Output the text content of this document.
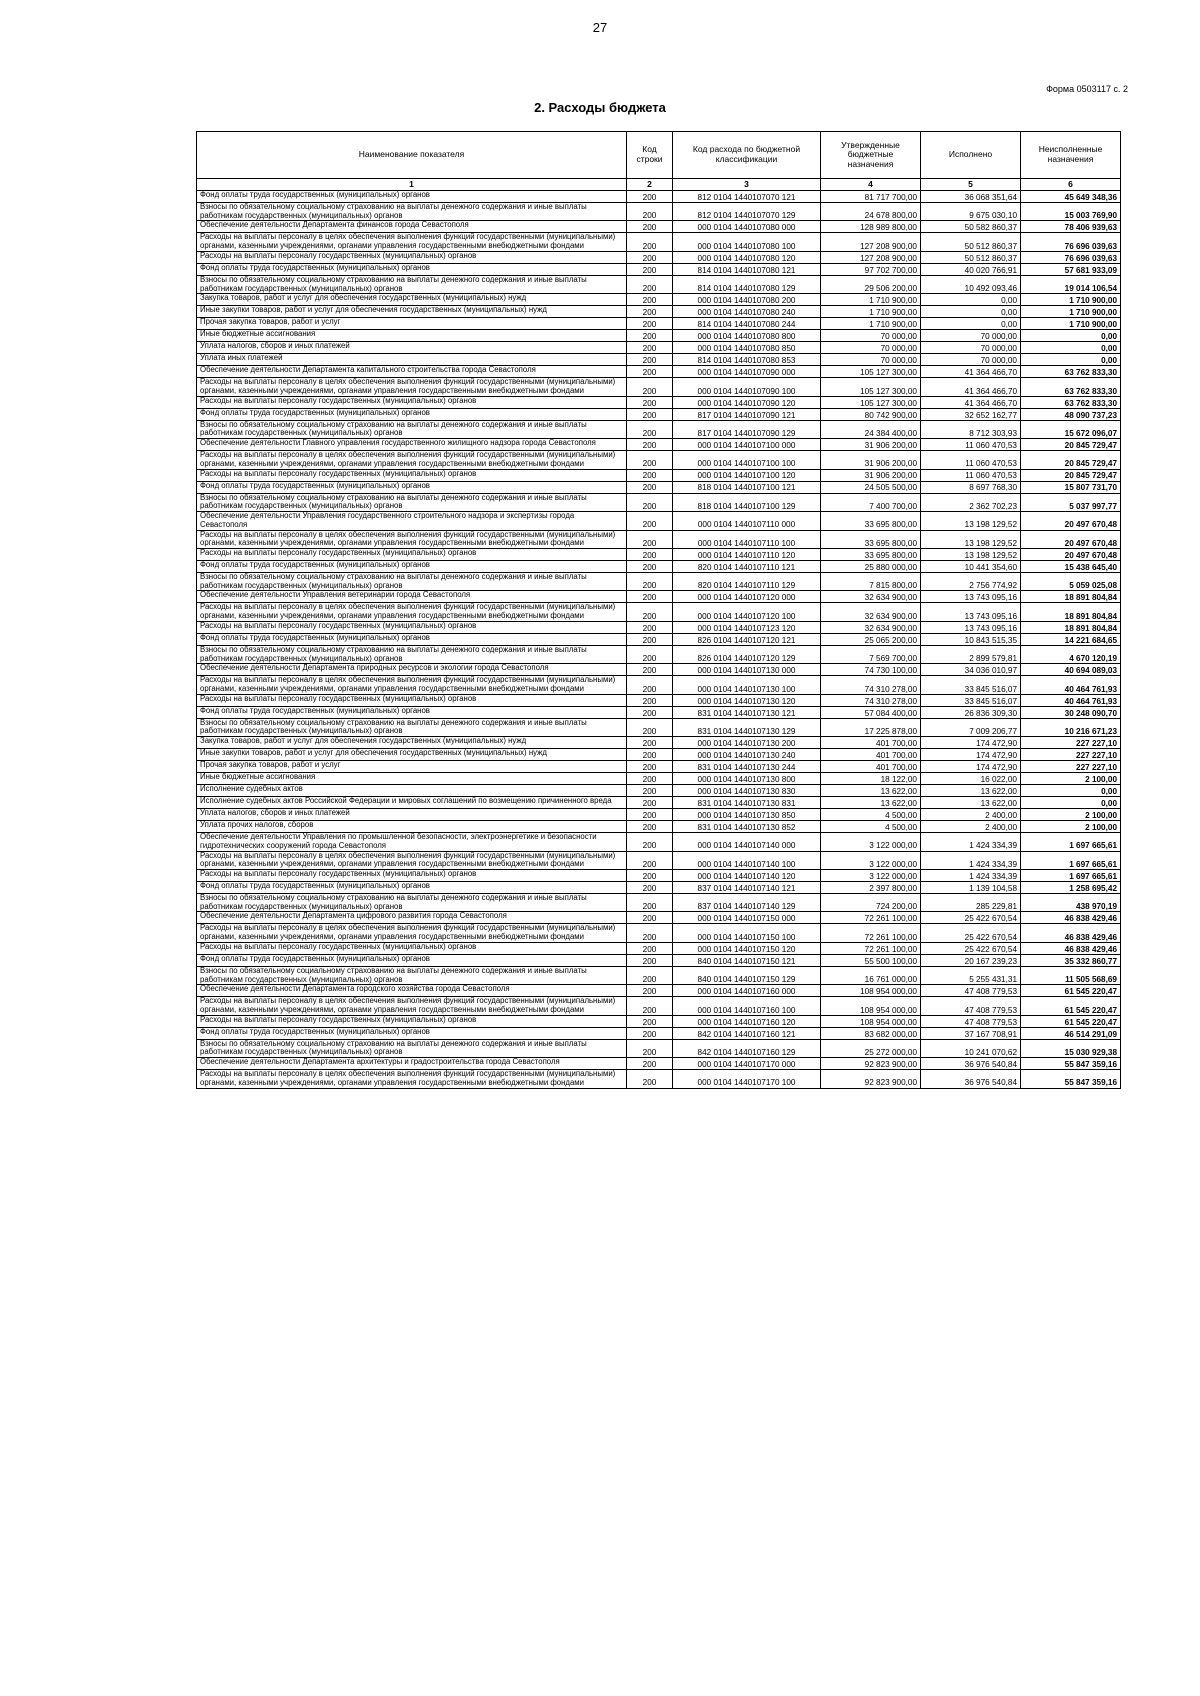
27
Форма 0503117 с. 2
2. Расходы бюджета
Наименование показателя	Код строки	Код расхода по бюджетной классификации	Утвержденные бюджетные назначения	Исполнено	Неисполненные назначения
1	2	3	4	5	6
Фонд оплаты труда государственных (муниципальных) органов	200	812 0104 1440107070 121	81 717 700,00	36 068 351,64	45 649 348,36
Взносы по обязательному социальному страхованию на выплаты денежного содержания и иные выплаты работникам государственных (муниципальных) органов	200	812 0104 1440107070 129	24 678 800,00	9 675 030,10	15 003 769,90
Обеспечение деятельности Департамента финансов города Севастополя	200	000 0104 1440107080 000	128 989 800,00	50 582 860,37	78 406 939,63
Расходы на выплаты персоналу в целях обеспечения выполнения функций государственными (муниципальными) органами, казенными учреждениями, органами управления государственными внебюджетными фондами	200	000 0104 1440107080 100	127 208 900,00	50 512 860,37	76 696 039,63
Расходы на выплаты персоналу государственных (муниципальных) органов	200	000 0104 1440107080 120	127 208 900,00	50 512 860,37	76 696 039,63
Фонд оплаты труда государственных (муниципальных) органов	200	814 0104 1440107080 121	97 702 700,00	40 020 766,91	57 681 933,09
Взносы по обязательному социальному страхованию на выплаты денежного содержания и иные выплаты работникам государственных (муниципальных) органов	200	814 0104 1440107080 129	29 506 200,00	10 492 093,46	19 014 106,54
Закупка товаров, работ и услуг для обеспечения государственных (муниципальных) нужд	200	000 0104 1440107080 200	1 710 900,00	0,00	1 710 900,00
Иные закупки товаров, работ и услуг для обеспечения государственных (муниципальных) нужд	200	000 0104 1440107080 240	1 710 900,00	0,00	1 710 900,00
Прочая закупка товаров, работ и услуг	200	814 0104 1440107080 244	1 710 900,00	0,00	1 710 900,00
Иные бюджетные ассигнования	200	000 0104 1440107080 800	70 000,00	70 000,00	0,00
Уплата налогов, сборов и иных платежей	200	000 0104 1440107080 850	70 000,00	70 000,00	0,00
Уплата иных платежей	200	814 0104 1440107080 853	70 000,00	70 000,00	0,00
Обеспечение деятельности Департамента капитального строительства города Севастополя	200	000 0104 1440107090 000	105 127 300,00	41 364 466,70	63 762 833,30
Расходы на выплаты персоналу в целях обеспечения выполнения функций государственными (муниципальными) органами, казенными учреждениями, органами управления государственными внебюджетными фондами	200	000 0104 1440107090 100	105 127 300,00	41 364 466,70	63 762 833,30
Расходы на выплаты персоналу государственных (муниципальных) органов	200	000 0104 1440107090 120	105 127 300,00	41 364 466,70	63 762 833,30
Фонд оплаты труда государственных (муниципальных) органов	200	817 0104 1440107090 121	80 742 900,00	32 652 162,77	48 090 737,23
Взносы по обязательному социальному страхованию на выплаты денежного содержания и иные выплаты работникам государственных (муниципальных) органов	200	817 0104 1440107090 129	24 384 400,00	8 712 303,93	15 672 096,07
Обеспечение деятельности Главного управления государственного жилищного надзора города Севастополя	200	000 0104 1440107100 000	31 906 200,00	11 060 470,53	20 845 729,47
Расходы на выплаты персоналу в целях обеспечения выполнения функций государственными (муниципальными) органами, казенными учреждениями, органами управления государственными внебюджетными фондами	200	000 0104 1440107100 100	31 906 200,00	11 060 470,53	20 845 729,47
Расходы на выплаты персоналу государственных (муниципальных) органов	200	000 0104 1440107100 120	31 906 200,00	11 060 470,53	20 845 729,47
Фонд оплаты труда государственных (муниципальных) органов	200	818 0104 1440107100 121	24 505 500,00	8 697 768,30	15 807 731,70
Взносы по обязательному социальному страхованию на выплаты денежного содержания и иные выплаты работникам государственных (муниципальных) органов	200	818 0104 1440107100 129	7 400 700,00	2 362 702,23	5 037 997,77
Обеспечение деятельности Управления государственного строительного надзора и экспертизы города Севастополя	200	000 0104 1440107110 000	33 695 800,00	13 198 129,52	20 497 670,48
Расходы на выплаты персоналу в целях обеспечения выполнения функций государственными (муниципальными) органами, казенными учреждениями, органами управления государственными внебюджетными фондами	200	000 0104 1440107110 100	33 695 800,00	13 198 129,52	20 497 670,48
Расходы на выплаты персоналу государственных (муниципальных) органов	200	000 0104 1440107110 120	33 695 800,00	13 198 129,52	20 497 670,48
Фонд оплаты труда государственных (муниципальных) органов	200	820 0104 1440107110 121	25 880 000,00	10 441 354,60	15 438 645,40
Взносы по обязательному социальному страхованию на выплаты денежного содержания и иные выплаты работникам государственных (муниципальных) органов	200	820 0104 1440107110 129	7 815 800,00	2 756 774,92	5 059 025,08
Обеспечение деятельности Управления ветеринарии города Севастополя	200	000 0104 1440107120 000	32 634 900,00	13 743 095,16	18 891 804,84
Расходы на выплаты персоналу в целях обеспечения выполнения функций государственными (муниципальными) органами, казенными учреждениями, органами управления государственными внебюджетными фондами	200	000 0104 1440107120 100	32 634 900,00	13 743 095,16	18 891 804,84
Расходы на выплаты персоналу государственных (муниципальных) органов	200	000 0104 1440107123 120	32 634 900,00	13 743 095,16	18 891 804,84
Фонд оплаты труда государственных (муниципальных) органов	200	826 0104 1440107120 121	25 065 200,00	10 843 515,35	14 221 684,65
Взносы по обязательному социальному страхованию на выплаты денежного содержания и иные выплаты работникам государственных (муниципальных) органов	200	826 0104 1440107120 129	7 569 700,00	2 899 579,81	4 670 120,19
Обеспечение деятельности Департамента природных ресурсов и экологии города Севастополя	200	000 0104 1440107130 000	74 730 100,00	34 036 010,97	40 694 089,03
Расходы на выплаты персоналу в целях обеспечения выполнения функций государственными (муниципальными) органами, казенными учреждениями, органами управления государственными внебюджетными фондами	200	000 0104 1440107130 100	74 310 278,00	33 845 516,07	40 464 761,93
Расходы на выплаты персоналу государственных (муниципальных) органов	200	000 0104 1440107130 120	74 310 278,00	33 845 516,07	40 464 761,93
Фонд оплаты труда государственных (муниципальных) органов	200	831 0104 1440107130 121	57 084 400,00	26 836 309,30	30 248 090,70
Взносы по обязательному социальному страхованию на выплаты денежного содержания и иные выплаты работникам государственных (муниципальных) органов	200	831 0104 1440107130 129	17 225 878,00	7 009 206,77	10 216 671,23
Закупка товаров, работ и услуг для обеспечения государственных (муниципальных) нужд	200	000 0104 1440107130 200	401 700,00	174 472,90	227 227,10
Иные закупки товаров, работ и услуг для обеспечения государственных (муниципальных) нужд	200	000 0104 1440107130 240	401 700,00	174 472,90	227 227,10
Прочая закупка товаров, работ и услуг	200	831 0104 1440107130 244	401 700,00	174 472,90	227 227,10
Иные бюджетные ассигнования	200	000 0104 1440107130 800	18 122,00	16 022,00	2 100,00
Исполнение судебных актов	200	000 0104 1440107130 830	13 622,00	13 622,00	0,00
Исполнение судебных актов Российской Федерации и мировых соглашений по возмещению причиненного вреда	200	831 0104 1440107130 831	13 622,00	13 622,00	0,00
Уплата налогов, сборов и иных платежей	200	000 0104 1440107130 850	4 500,00	2 400,00	2 100,00
Уплата прочих налогов, сборов	200	831 0104 1440107130 852	4 500,00	2 400,00	2 100,00
Обеспечение деятельности Управления по промышленной безопасности, электроэнергетике и безопасности гидротехнических сооружений города Севастополя	200	000 0104 1440107140 000	3 122 000,00	1 424 334,39	1 697 665,61
Расходы на выплаты персоналу в целях обеспечения выполнения функций государственными (муниципальными) органами, казенными учреждениями, органами управления государственными внебюджетными фондами	200	000 0104 1440107140 100	3 122 000,00	1 424 334,39	1 697 665,61
Расходы на выплаты персоналу государственных (муниципальных) органов	200	000 0104 1440107140 120	3 122 000,00	1 424 334,39	1 697 665,61
Фонд оплаты труда государственных (муниципальных) органов	200	837 0104 1440107140 121	2 397 800,00	1 139 104,58	1 258 695,42
Взносы по обязательному социальному страхованию на выплаты денежного содержания и иные выплаты работникам государственных (муниципальных) органов	200	837 0104 1440107140 129	724 200,00	285 229,81	438 970,19
Обеспечение деятельности Департамента цифрового развития города Севастополя	200	000 0104 1440107150 000	72 261 100,00	25 422 670,54	46 838 429,46
Расходы на выплаты персоналу в целях обеспечения выполнения функций государственными (муниципальными) органами, казенными учреждениями, органами управления государственными внебюджетными фондами	200	000 0104 1440107150 100	72 261 100,00	25 422 670,54	46 838 429,46
Расходы на выплаты персоналу государственных (муниципальных) органов	200	000 0104 1440107150 120	72 261 100,00	25 422 670,54	46 838 429,46
Фонд оплаты труда государственных (муниципальных) органов	200	840 0104 1440107150 121	55 500 100,00	20 167 239,23	35 332 860,77
Взносы по обязательному социальному страхованию на выплаты денежного содержания и иные выплаты работникам государственных (муниципальных) органов	200	840 0104 1440107150 129	16 761 000,00	5 255 431,31	11 505 568,69
Обеспечение деятельности Департамента городского хозяйства города Севастополя	200	000 0104 1440107160 000	108 954 000,00	47 408 779,53	61 545 220,47
Расходы на выплаты персоналу в целях обеспечения выполнения функций государственными (муниципальными) органами, казенными учреждениями, органами управления государственными внебюджетными фондами	200	000 0104 1440107160 100	108 954 000,00	47 408 779,53	61 545 220,47
Расходы на выплаты персоналу государственных (муниципальных) органов	200	000 0104 1440107160 120	108 954 000,00	47 408 779,53	61 545 220,47
Фонд оплаты труда государственных (муниципальных) органов	200	842 0104 1440107160 121	83 682 000,00	37 167 708,91	46 514 291,09
Взносы по обязательному социальному страхованию на выплаты денежного содержания и иные выплаты работникам государственных (муниципальных) органов	200	842 0104 1440107160 129	25 272 000,00	10 241 070,62	15 030 929,38
Обеспечение деятельности Департамента архитектуры и градостроительства города Севастополя	200	000 0104 1440107170 000	92 823 900,00	36 976 540,84	55 847 359,16
Расходы на выплаты персоналу в целях обеспечения выполнения функций государственными (муниципальными) органами, казенными учреждениями, органами управления государственными внебюджетными фондами	200	000 0104 1440107170 100	92 823 900,00	36 976 540,84	55 847 359,16
